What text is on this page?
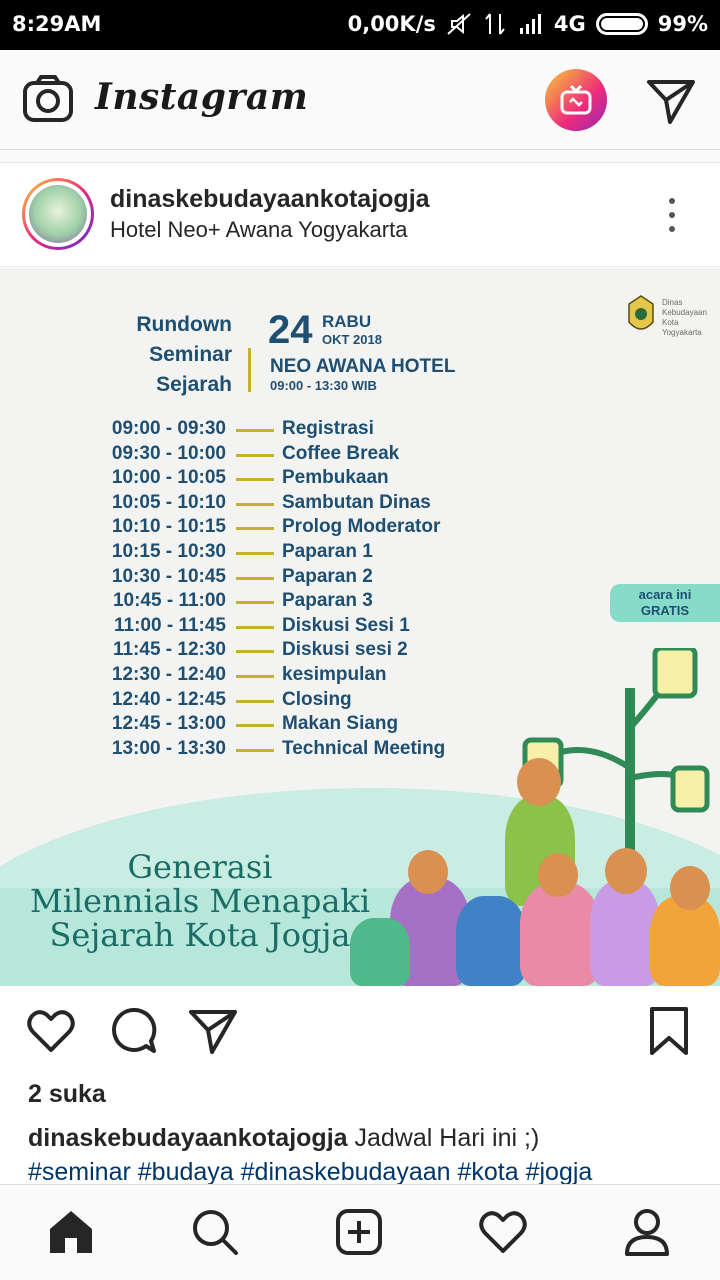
8:29AM	0,00K/s	4G	99%
Instagram
dinaskebudayaankotajogja
Hotel Neo+ Awana Yogyakarta
Rundown
Seminar
Sejarah
24 RABU
OKT 2018
NEO AWANA HOTEL
09:00 - 13:30 WIB
Dinas
Kebudayaan
Kota
Yogyakarta
09:00 - 09:30	Registrasi
09:30 - 10:00	Coffee Break
10:00 - 10:05	Pembukaan
10:05 - 10:10	Sambutan Dinas
10:10 - 10:15	Prolog Moderator
10:15 - 10:30	Paparan 1
10:30 - 10:45	Paparan 2
10:45 - 11:00	Paparan 3
11:00 - 11:45	Diskusi Sesi 1
11:45 - 12:30	Diskusi sesi 2
12:30 - 12:40	kesimpulan
12:40 - 12:45	Closing
12:45 - 13:00	Makan Siang
13:00 - 13:30	Technical Meeting
acara ini
GRATIS
Generasi
Milennials Menapaki
Sejarah Kota Jogja
2 suka
dinaskebudayaankotajogja Jadwal Hari ini ;)
#seminar #budaya #dinaskebudayaan #kota #jogja
